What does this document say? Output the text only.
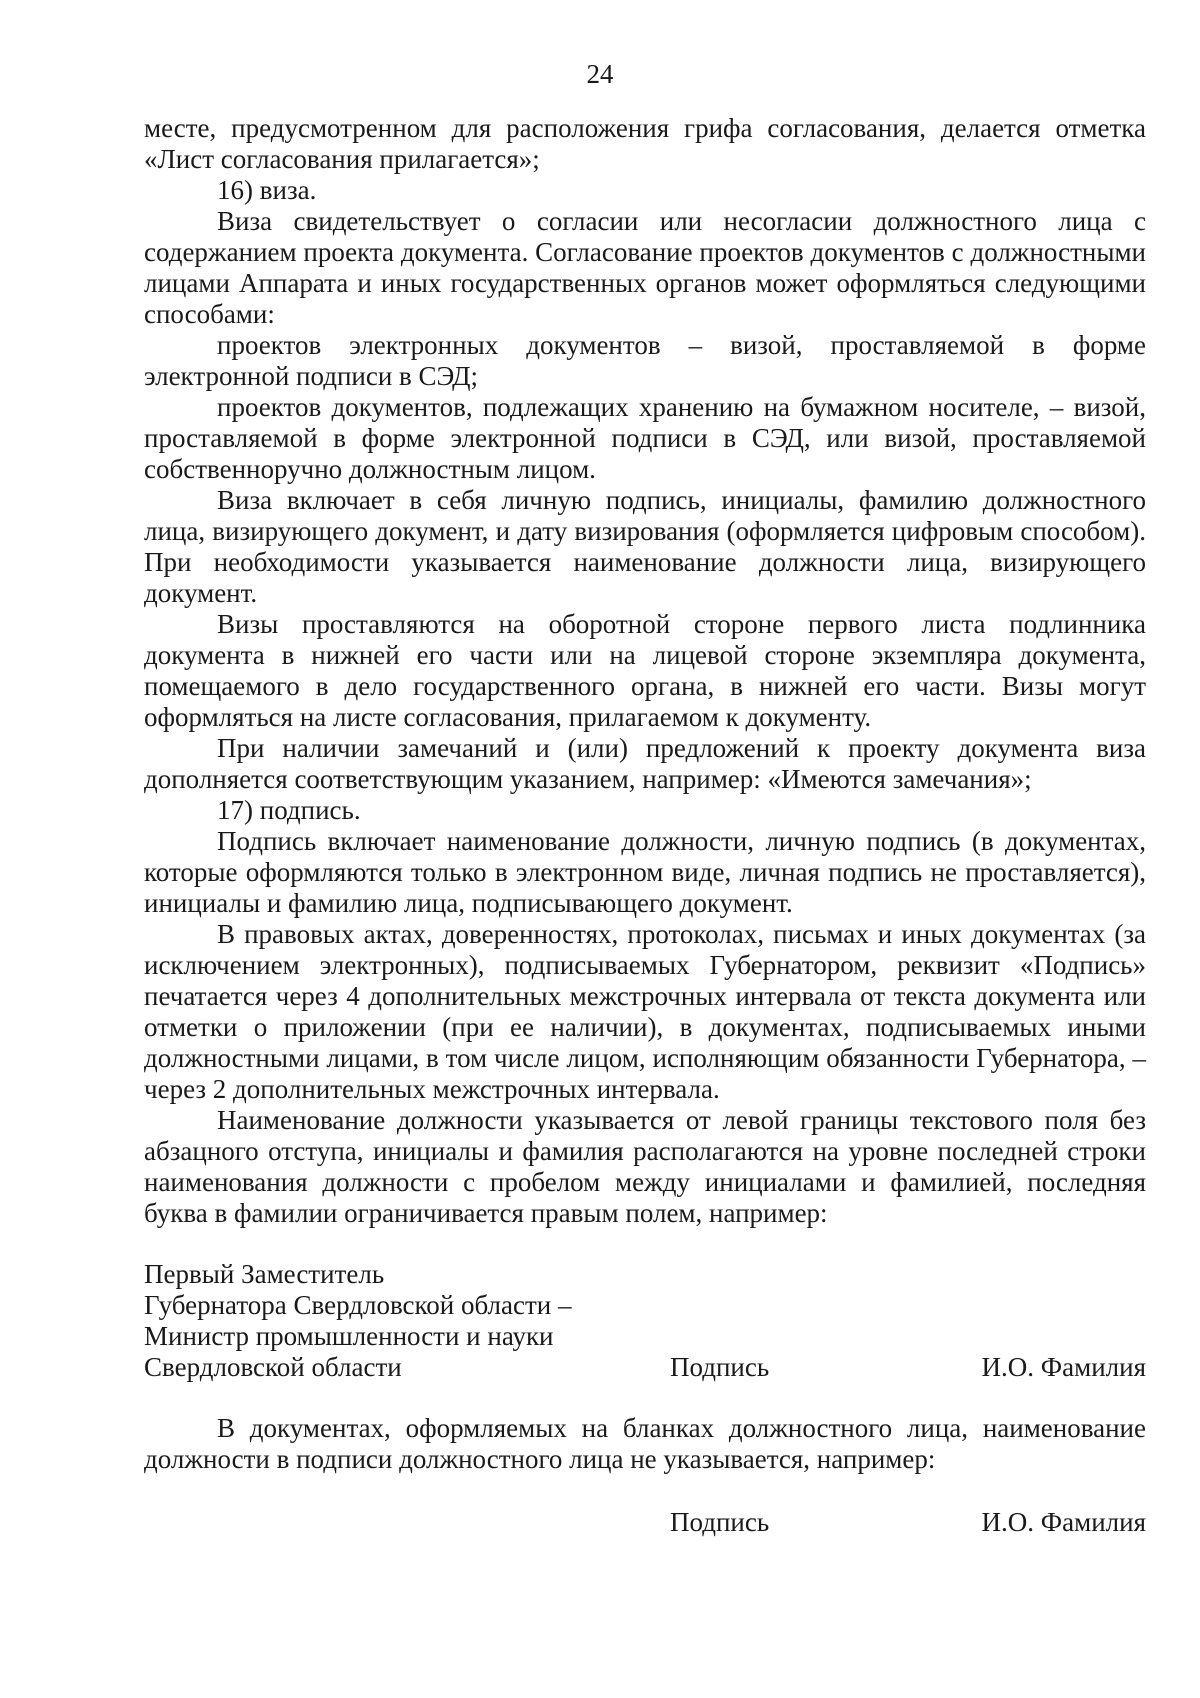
24

месте, предусмотренном для расположения грифа согласования, делается отметка «Лист согласования прилагается»;

16) виза.

Виза свидетельствует о согласии или несогласии должностного лица с содержанием проекта документа. Согласование проектов документов с должностными лицами Аппарата и иных государственных органов может оформляться следующими способами:

проектов электронных документов – визой, проставляемой в форме электронной подписи в СЭД;

проектов документов, подлежащих хранению на бумажном носителе, – визой, проставляемой в форме электронной подписи в СЭД, или визой, проставляемой собственноручно должностным лицом.

Виза включает в себя личную подпись, инициалы, фамилию должностного лица, визирующего документ, и дату визирования (оформляется цифровым способом). При необходимости указывается наименование должности лица, визирующего документ.

Визы проставляются на оборотной стороне первого листа подлинника документа в нижней его части или на лицевой стороне экземпляра документа, помещаемого в дело государственного органа, в нижней его части. Визы могут оформляться на листе согласования, прилагаемом к документу.

При наличии замечаний и (или) предложений к проекту документа виза дополняется соответствующим указанием, например: «Имеются замечания»;

17) подпись.

Подпись включает наименование должности, личную подпись (в документах, которые оформляются только в электронном виде, личная подпись не проставляется), инициалы и фамилию лица, подписывающего документ.

В правовых актах, доверенностях, протоколах, письмах и иных документах (за исключением электронных), подписываемых Губернатором, реквизит «Подпись» печатается через 4 дополнительных межстрочных интервала от текста документа или отметки о приложении (при ее наличии), в документах, подписываемых иными должностными лицами, в том числе лицом, исполняющим обязанности Губернатора, – через 2 дополнительных межстрочных интервала.

Наименование должности указывается от левой границы текстового поля без абзацного отступа, инициалы и фамилия располагаются на уровне последней строки наименования должности с пробелом между инициалами и фамилией, последняя буква в фамилии ограничивается правым полем, например:

Первый Заместитель
Губернатора Свердловской области –
Министр промышленности и науки
Свердловской области	Подпись	И.О. Фамилия

В документах, оформляемых на бланках должностного лица, наименование должности в подписи должностного лица не указывается, например:

Подпись	И.О. Фамилия
